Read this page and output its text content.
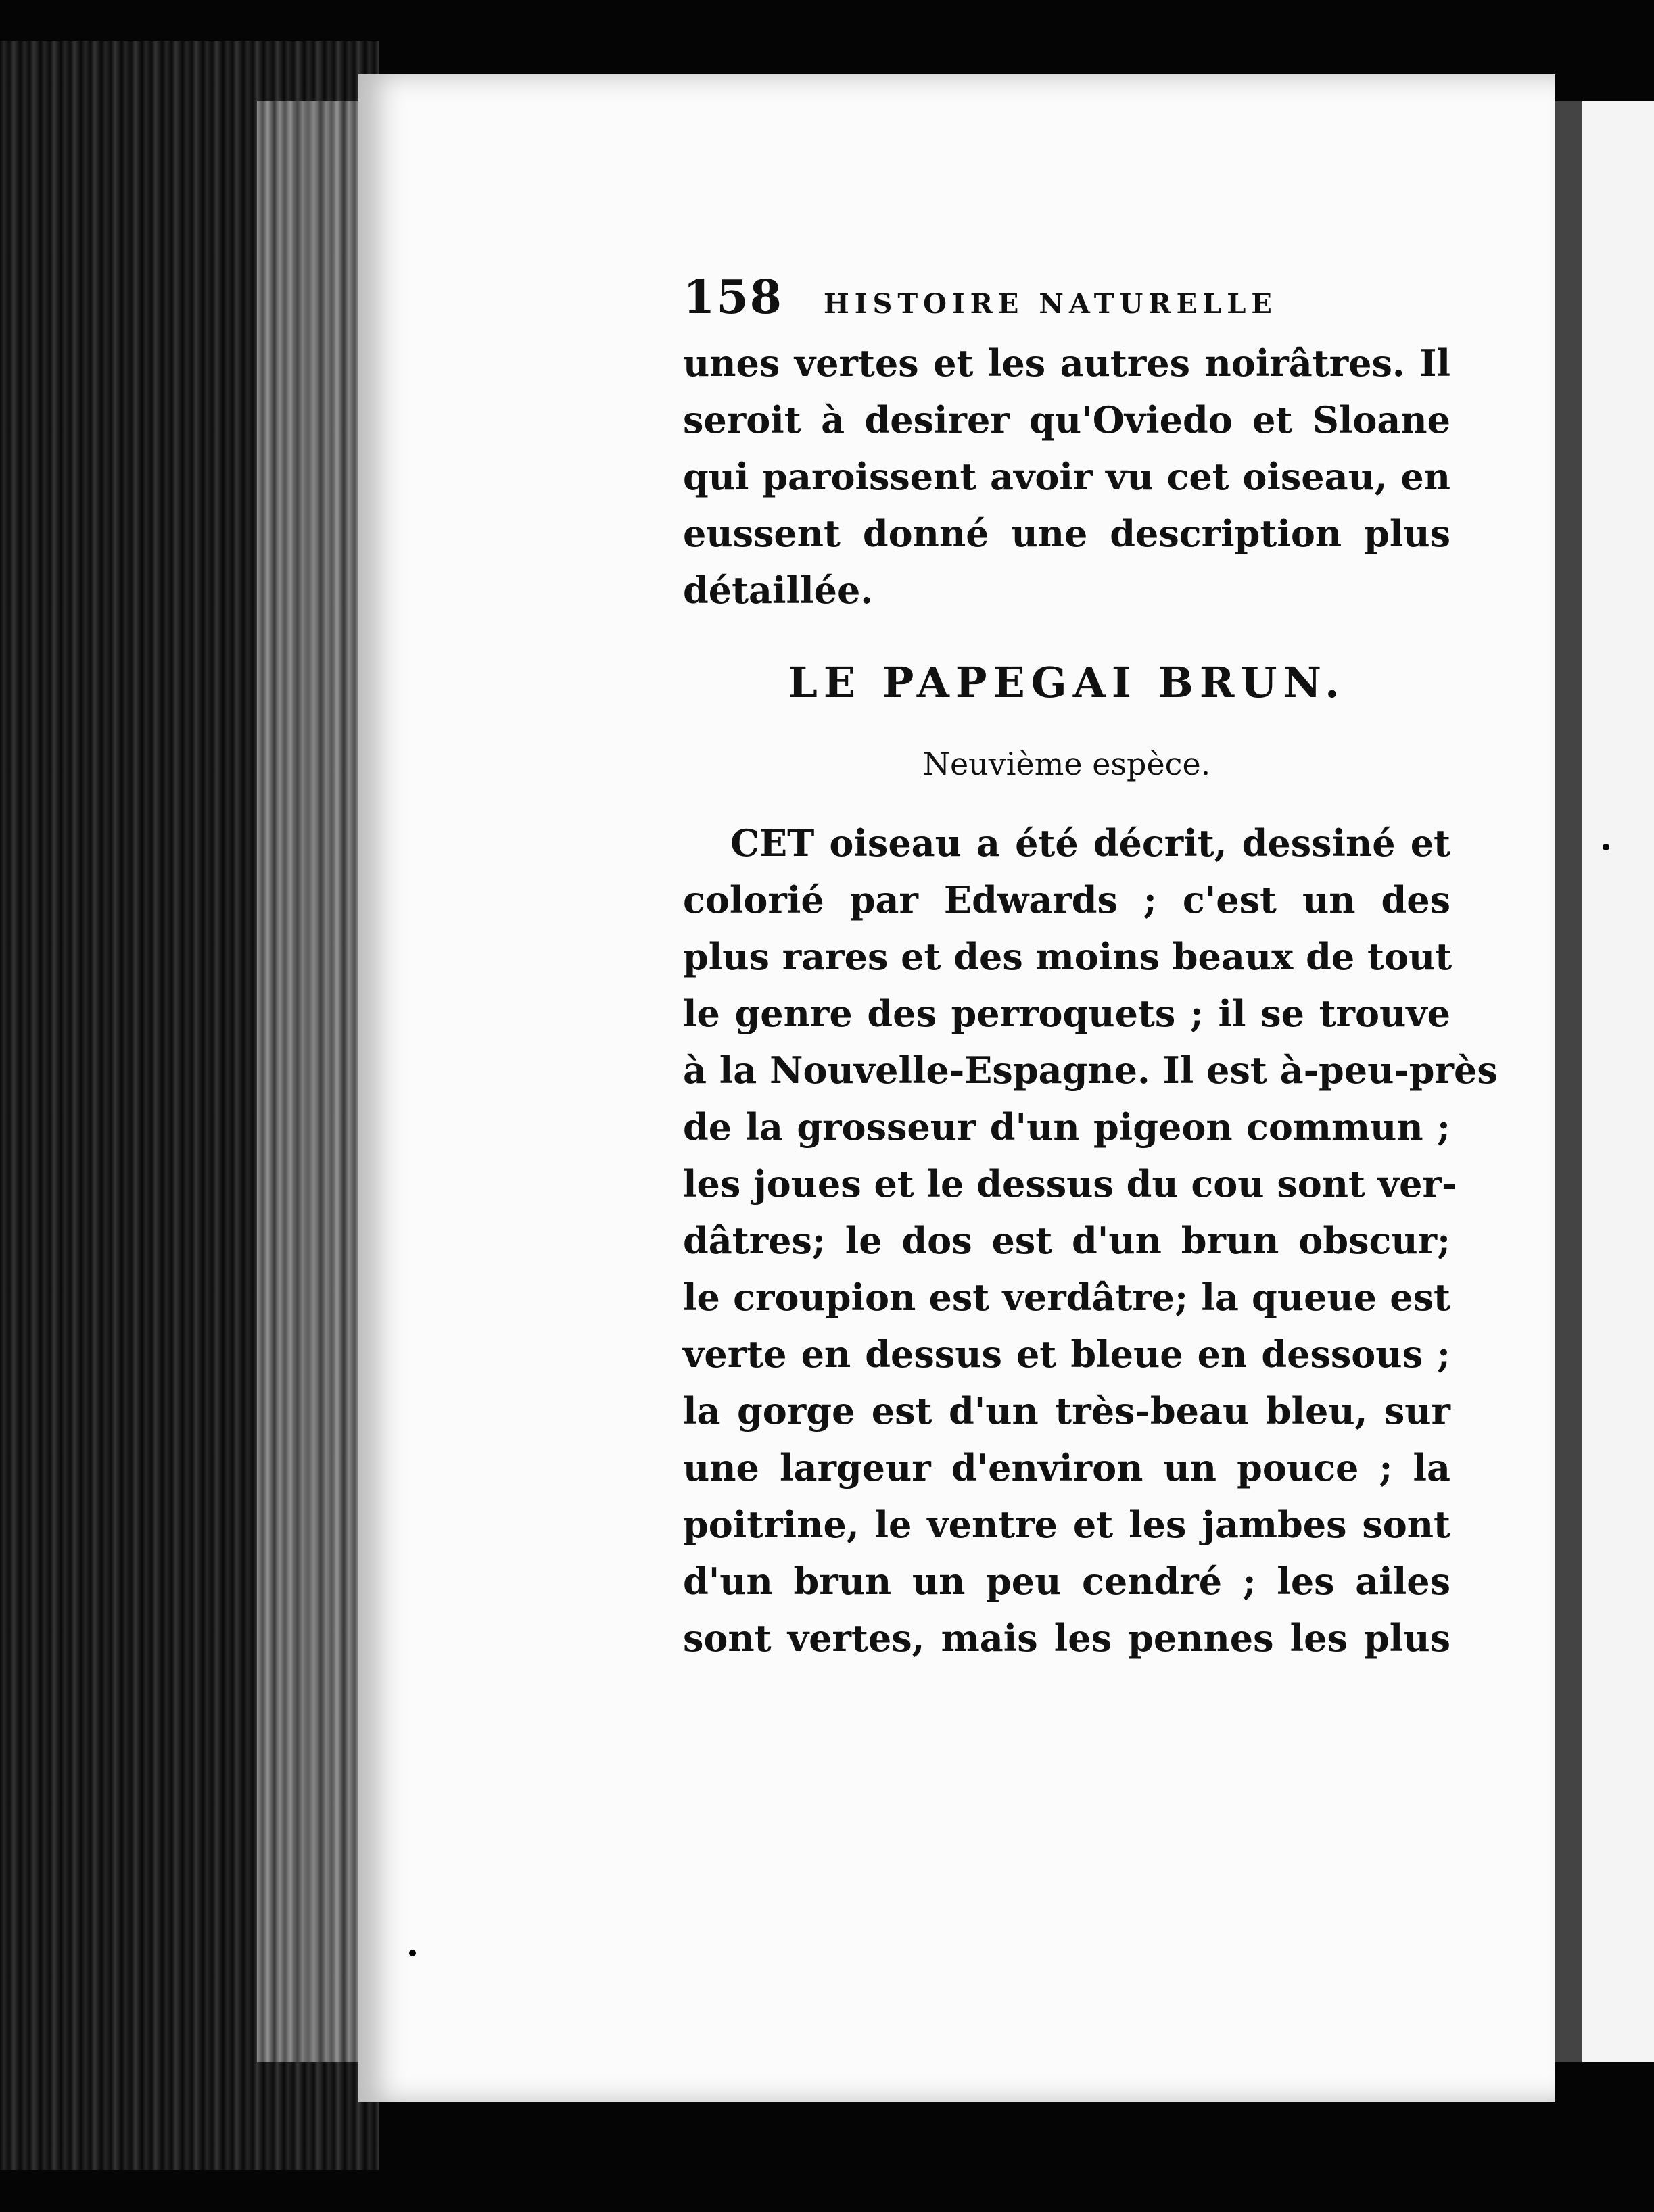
158 HISTOIRE NATURELLE
unes vertes et les autres noirâtres. Il
seroit à desirer qu'Oviedo et Sloane
qui paroissent avoir vu cet oiseau, en
eussent donné une description plus
détaillée.
LE PAPEGAI BRUN.
Neuvième espèce.
CET oiseau a été décrit, dessiné et
colorié par Edwards ; c'est un des
plus rares et des moins beaux de tout
le genre des perroquets ; il se trouve
à la Nouvelle-Espagne. Il est à-peu-près
de la grosseur d'un pigeon commun ;
les joues et le dessus du cou sont ver-
dâtres; le dos est d'un brun obscur;
le croupion est verdâtre; la queue est
verte en dessus et bleue en dessous ;
la gorge est d'un très-beau bleu, sur
une largeur d'environ un pouce ; la
poitrine, le ventre et les jambes sont
d'un brun un peu cendré ; les ailes
sont vertes, mais les pennes les plus
